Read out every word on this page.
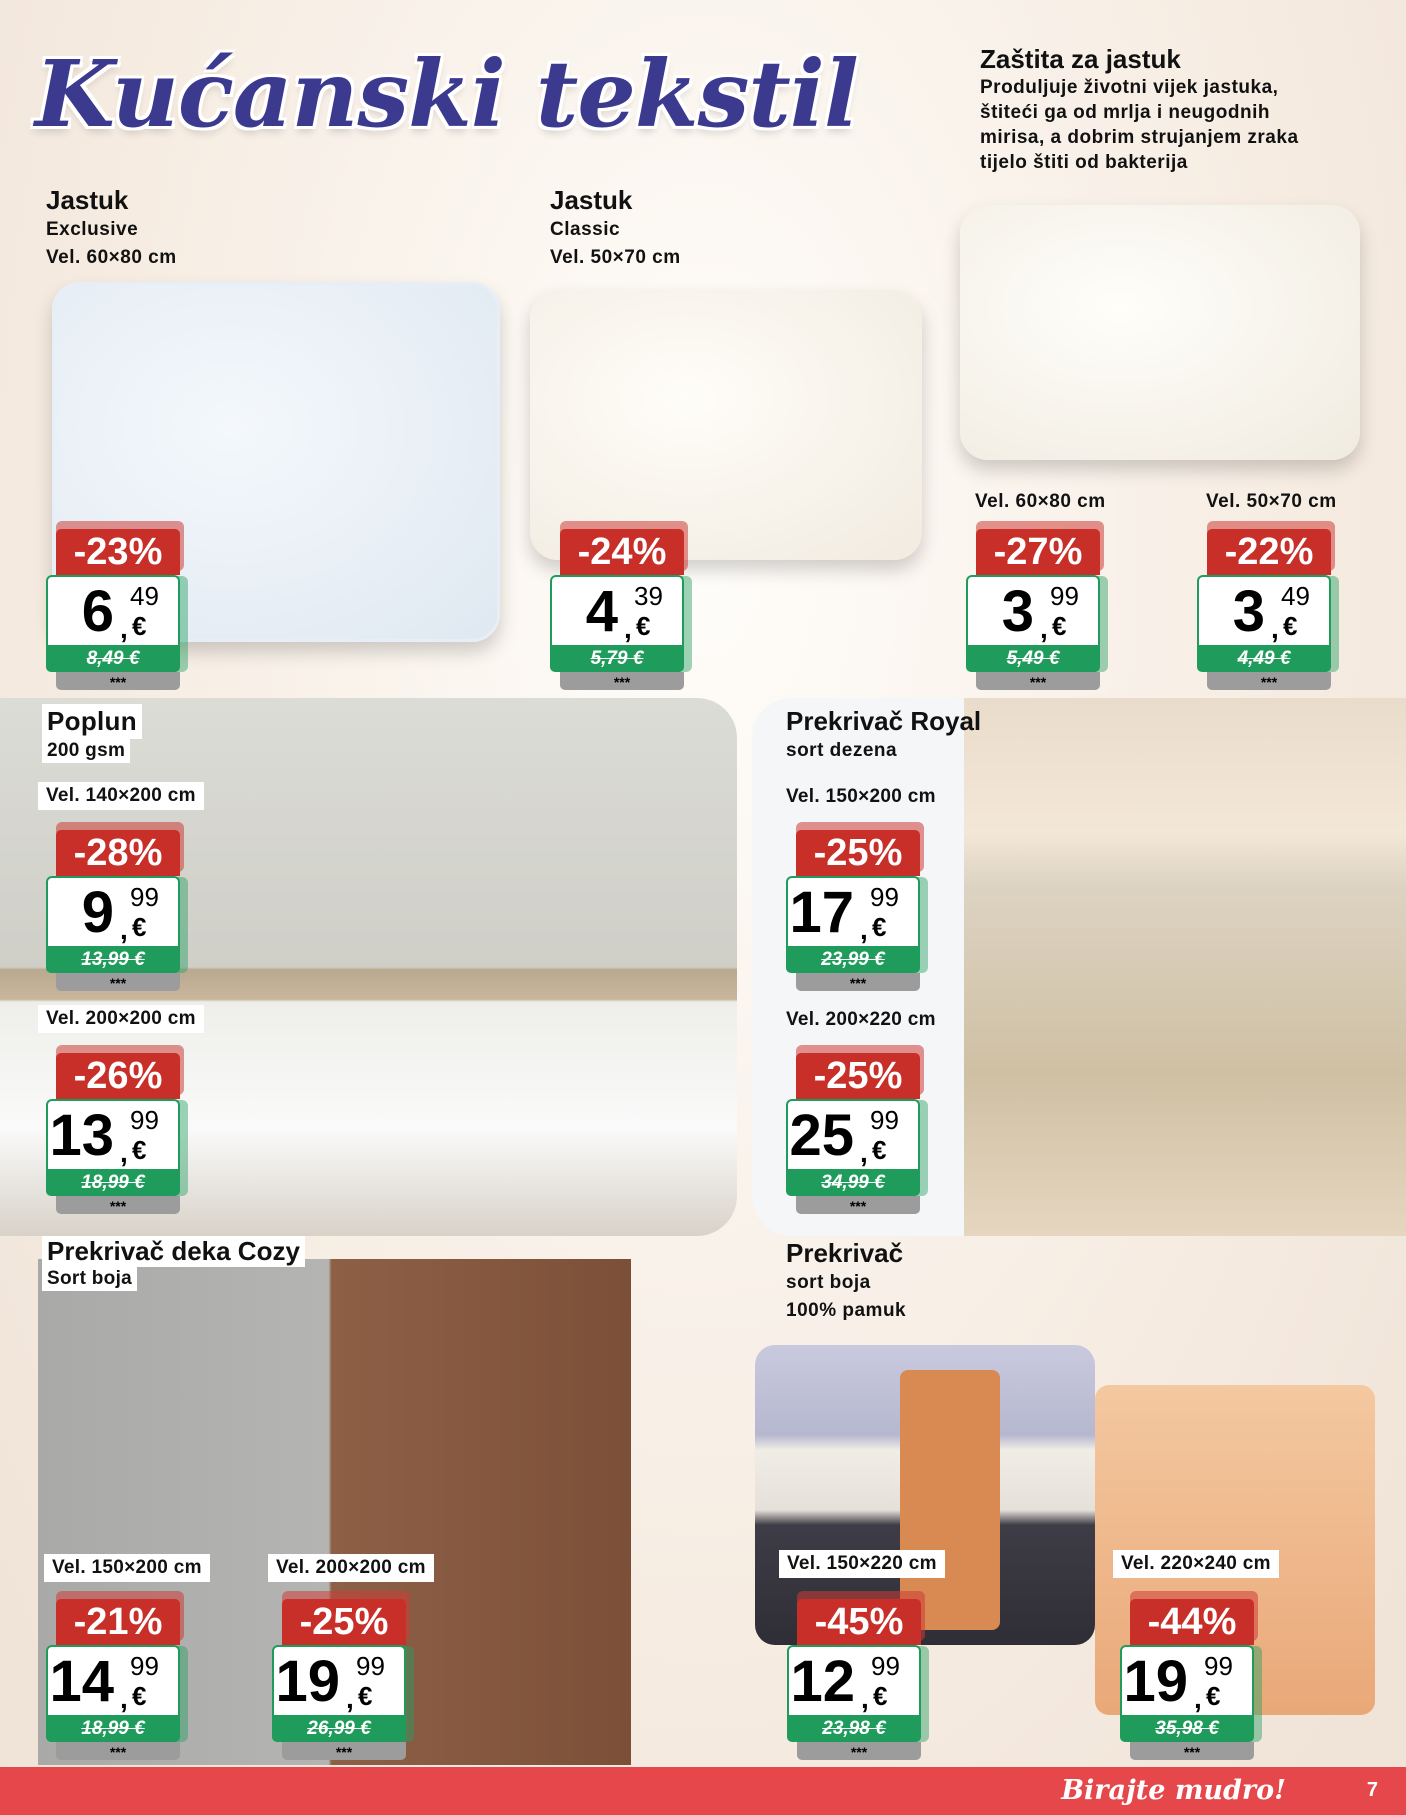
Kućanski tekstil
Jastuk
Exclusive
Vel. 60×80 cm
Jastuk
Classic
Vel. 50×70 cm
Zaštita za jastuk
Produljuje životni vijek jastuka,
štiteći ga od mrlja i neugodnih
mirisa, a dobrim strujanjem zraka
tijelo štiti od bakterija
Poplun
200 gsm
Prekrivač Royal
sort dezena
Prekrivač deka Cozy
Sort boja
Prekrivač
sort boja
100% pamuk
Vel. 60×80 cm	Vel. 50×70 cm
Vel. 140×200 cm
Vel. 200×200 cm
Vel. 150×200 cm
Vel. 200×220 cm
Vel. 150×200 cm	Vel. 200×200 cm	Vel. 150×220 cm	Vel. 220×240 cm
-23%
6 ,
49
€
8,49 €
***
-24%
4 ,
39
€
5,79 €
***
-27%
3 ,
99
€
5,49 €
***
-22%
3 ,
49
€
4,49 €
***
-28%
9 ,
99
€
13,99 €
***
-26%
13 ,
99
€
18,99 €
***
-25%
17 ,
99
€
23,99 €
***
-25%
25 ,
99
€
34,99 €
***
-21%
14 ,
99
€
18,99 €
***
-25%
19 ,
99
€
26,99 €
***
-45%
12 ,
99
€
23,98 €
***
-44%
19 ,
99
€
35,98 €
***
Birajte mudro!	7
